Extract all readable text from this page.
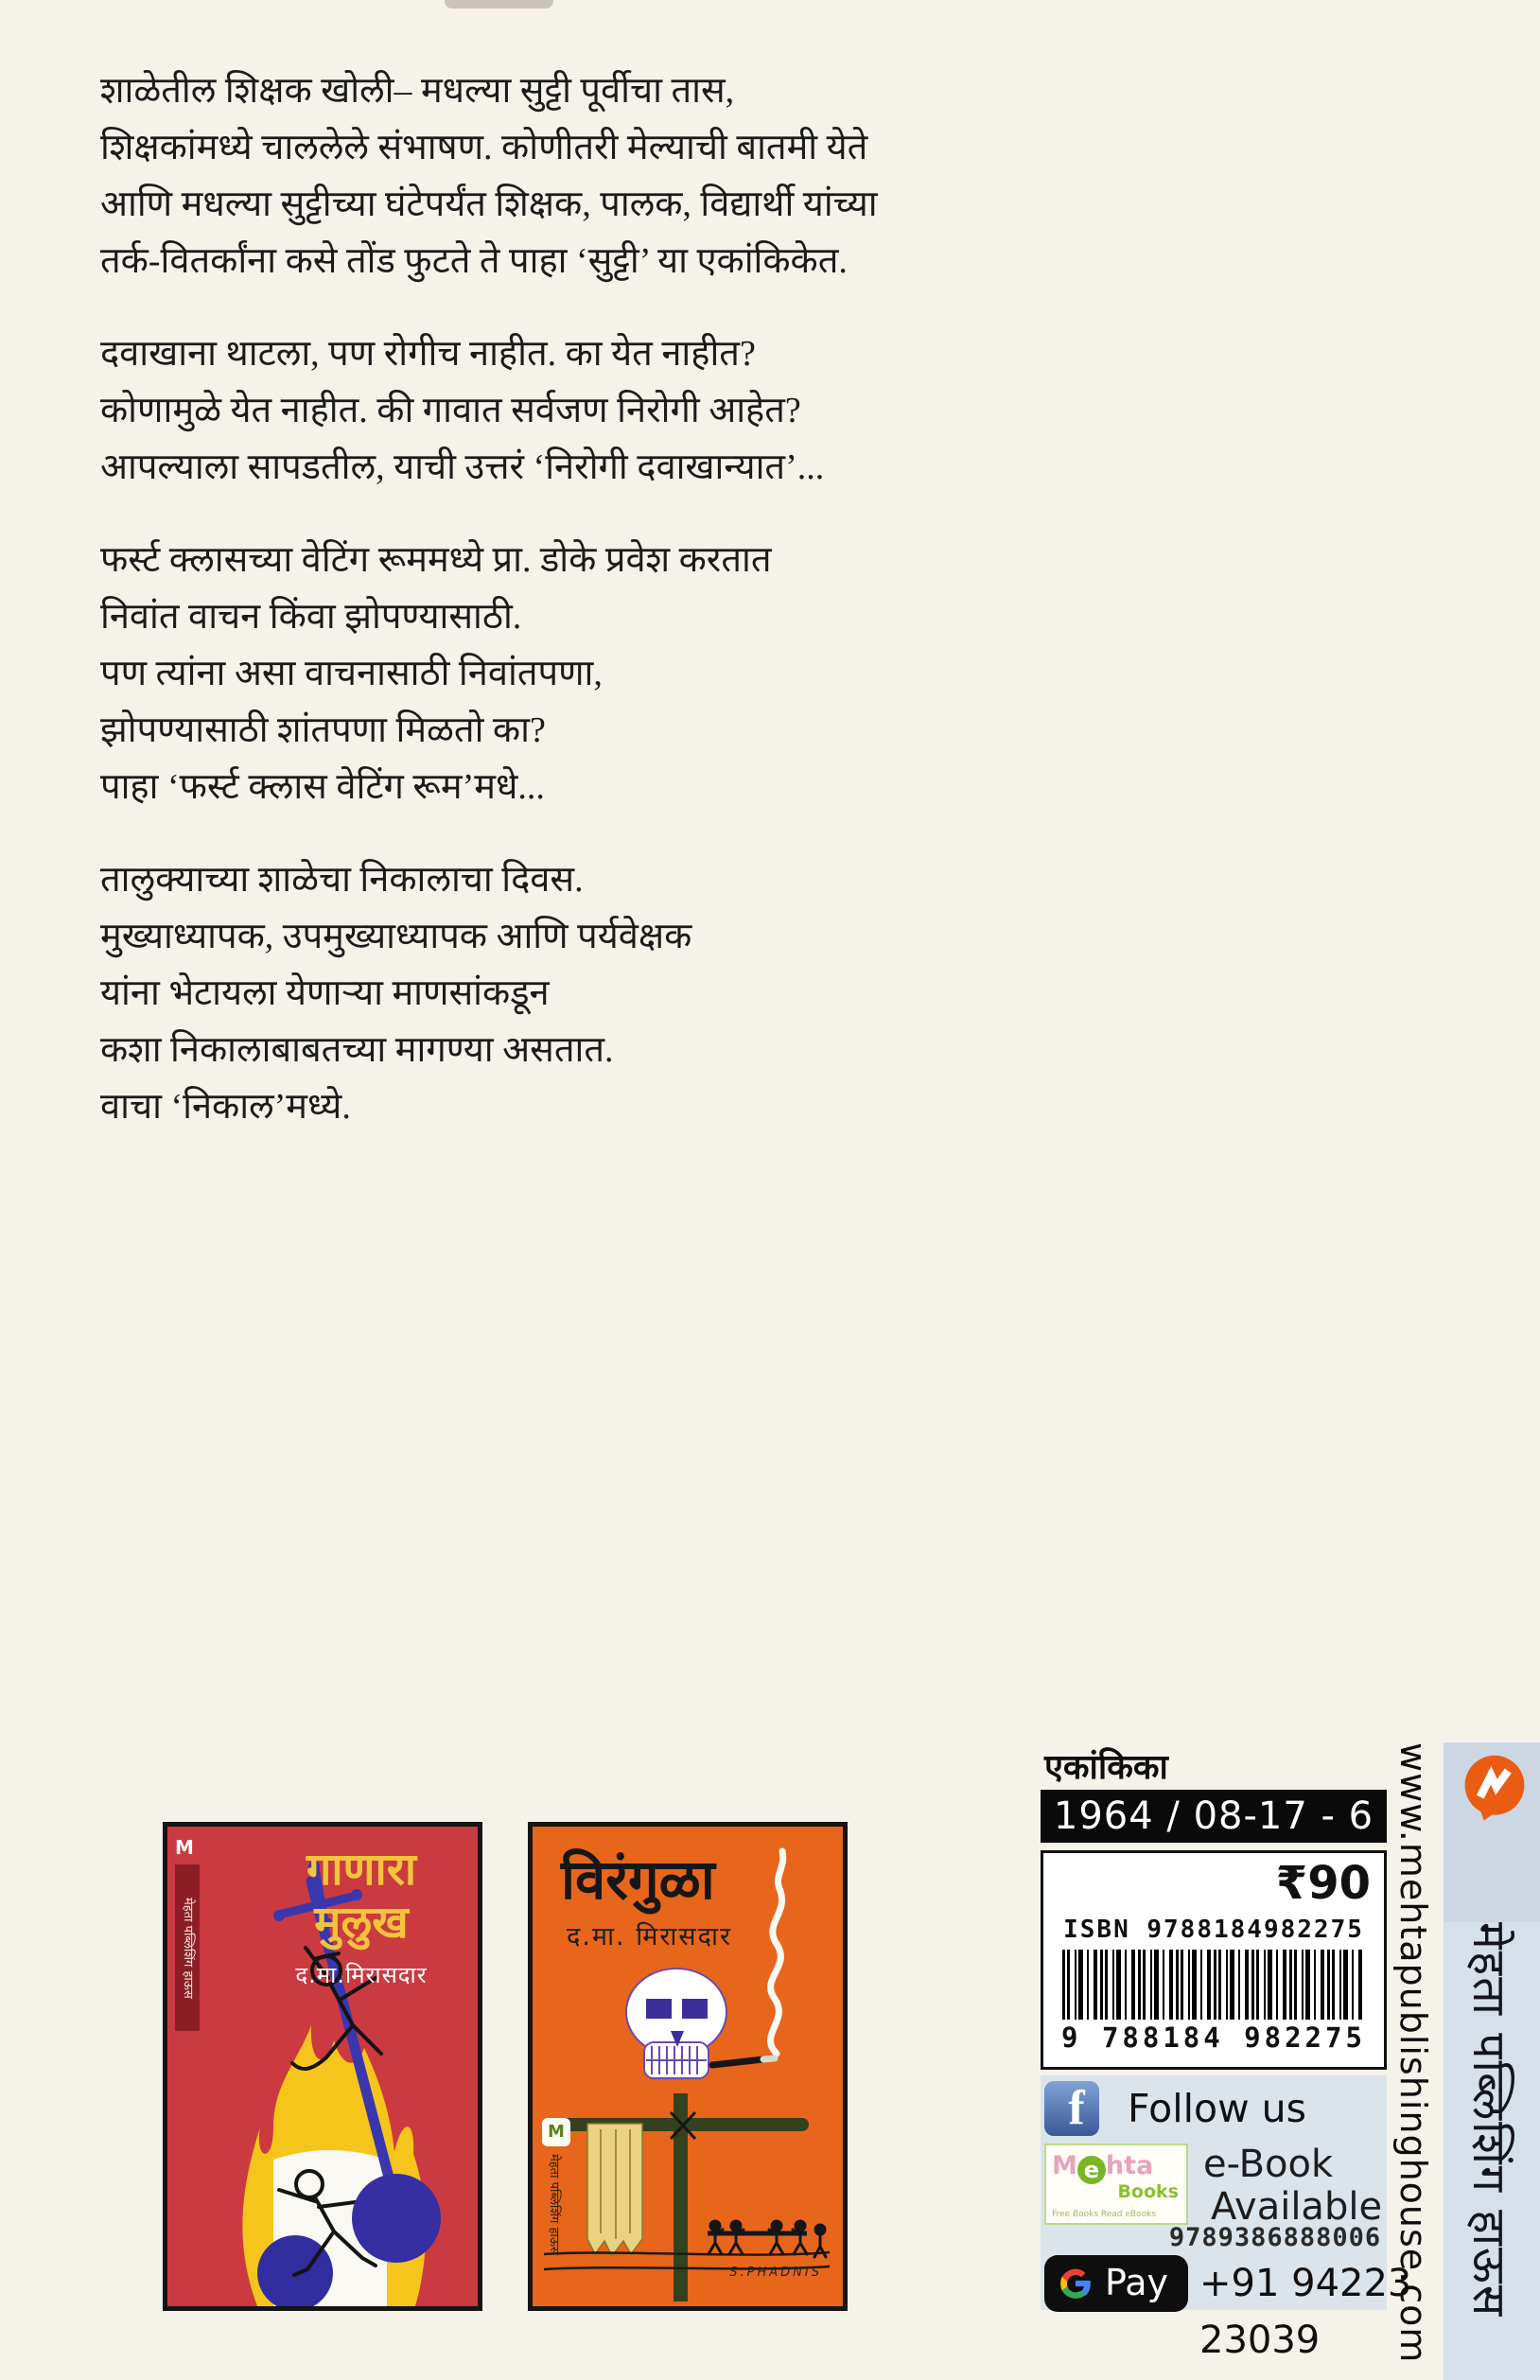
शाळेतील शिक्षक खोली– मधल्या सुट्टी पूर्वीचा तास,
शिक्षकांमध्ये चाललेले संभाषण. कोणीतरी मेल्याची बातमी येते
आणि मधल्या सुट्टीच्या घंटेपर्यंत शिक्षक, पालक, विद्यार्थी यांच्या
तर्क-वितर्कांना कसे तोंड फुटते ते पाहा ‘सुट्टी’ या एकांकिकेत.
दवाखाना थाटला, पण रोगीच नाहीत. का येत नाहीत?
कोणामुळे येत नाहीत. की गावात सर्वजण निरोगी आहेत?
आपल्याला सापडतील, याची उत्तरं ‘निरोगी दवाखान्यात’...
फर्स्ट क्लासच्या वेटिंग रूममध्ये प्रा. डोके प्रवेश करतात
निवांत वाचन किंवा झोपण्यासाठी.
पण त्यांना असा वाचनासाठी निवांतपणा,
झोपण्यासाठी शांतपणा मिळतो का?
पाहा ‘फर्स्ट क्लास वेटिंग रूम’मधे...
तालुक्याच्या शाळेचा निकालाचा दिवस.
मुख्याध्यापक, उपमुख्याध्यापक आणि पर्यवेक्षक
यांना भेटायला येणाऱ्या माणसांकडून
कशा निकालाबाबतच्या मागण्या असतात.
वाचा ‘निकाल’मध्ये.
गाणारा
मुलुख
द.मा.मिरासदार
M
मेहता पब्लिशिंग हाऊस
विरंगुळा
द.मा. मिरासदार
S.PHADNIS
M
मेहता पब्लिशिंग हाऊस
एकांकिका
1964 / 08-17 - 6
₹90
ISBN 9788184982275
9 788184 982275
f	Follow us
M e hta
Books
Free Books Read eBooks
e-Book
Available
9789386888006
Pay +91 94223 23039	www.mehtapublishinghouse.com मेहता पब्लिशिंग हाऊस
